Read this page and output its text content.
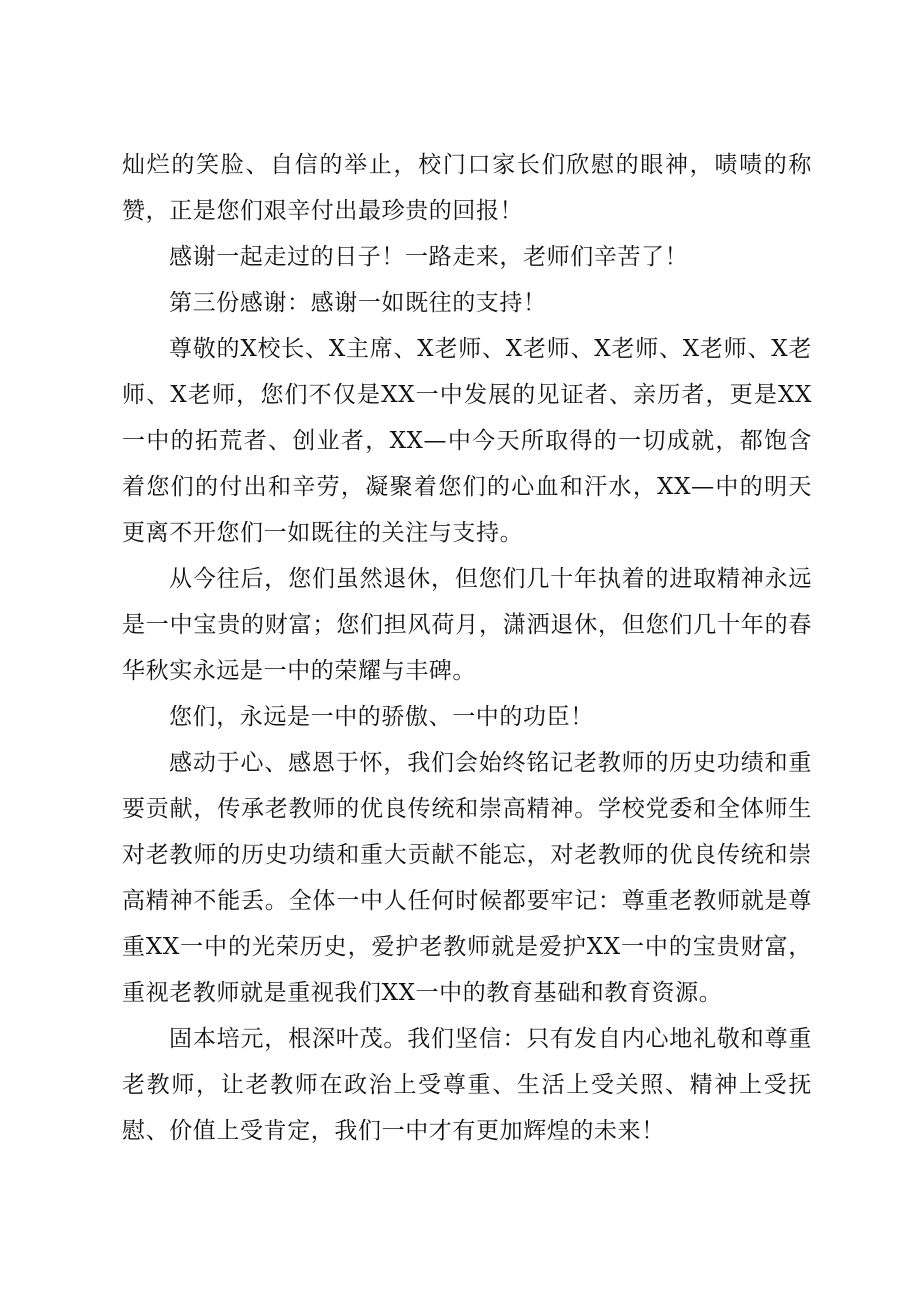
灿烂的笑脸、自信的举止，校门口家长们欣慰的眼神，啧啧的称赞，正是您们艰辛付出最珍贵的回报！

感谢一起走过的日子！一路走来，老师们辛苦了！

第三份感谢：感谢一如既往的支持！

尊敬的X校长、X主席、X老师、X老师、X老师、X老师、X老师、X老师，您们不仅是XX一中发展的见证者、亲历者，更是XX一中的拓荒者、创业者，XX—中今天所取得的一切成就，都饱含着您们的付出和辛劳，凝聚着您们的心血和汗水，XX—中的明天更离不开您们一如既往的关注与支持。

从今往后，您们虽然退休，但您们几十年执着的进取精神永远是一中宝贵的财富；您们担风荷月，潇洒退休，但您们几十年的春华秋实永远是一中的荣耀与丰碑。

您们，永远是一中的骄傲、一中的功臣！

感动于心、感恩于怀，我们会始终铭记老教师的历史功绩和重要贡献，传承老教师的优良传统和崇高精神。学校党委和全体师生对老教师的历史功绩和重大贡献不能忘，对老教师的优良传统和崇高精神不能丢。全体一中人任何时候都要牢记：尊重老教师就是尊重XX一中的光荣历史，爱护老教师就是爱护XX一中的宝贵财富，重视老教师就是重视我们XX一中的教育基础和教育资源。

固本培元，根深叶茂。我们坚信：只有发自内心地礼敬和尊重老教师，让老教师在政治上受尊重、生活上受关照、精神上受抚慰、价值上受肯定，我们一中才有更加辉煌的未来！
